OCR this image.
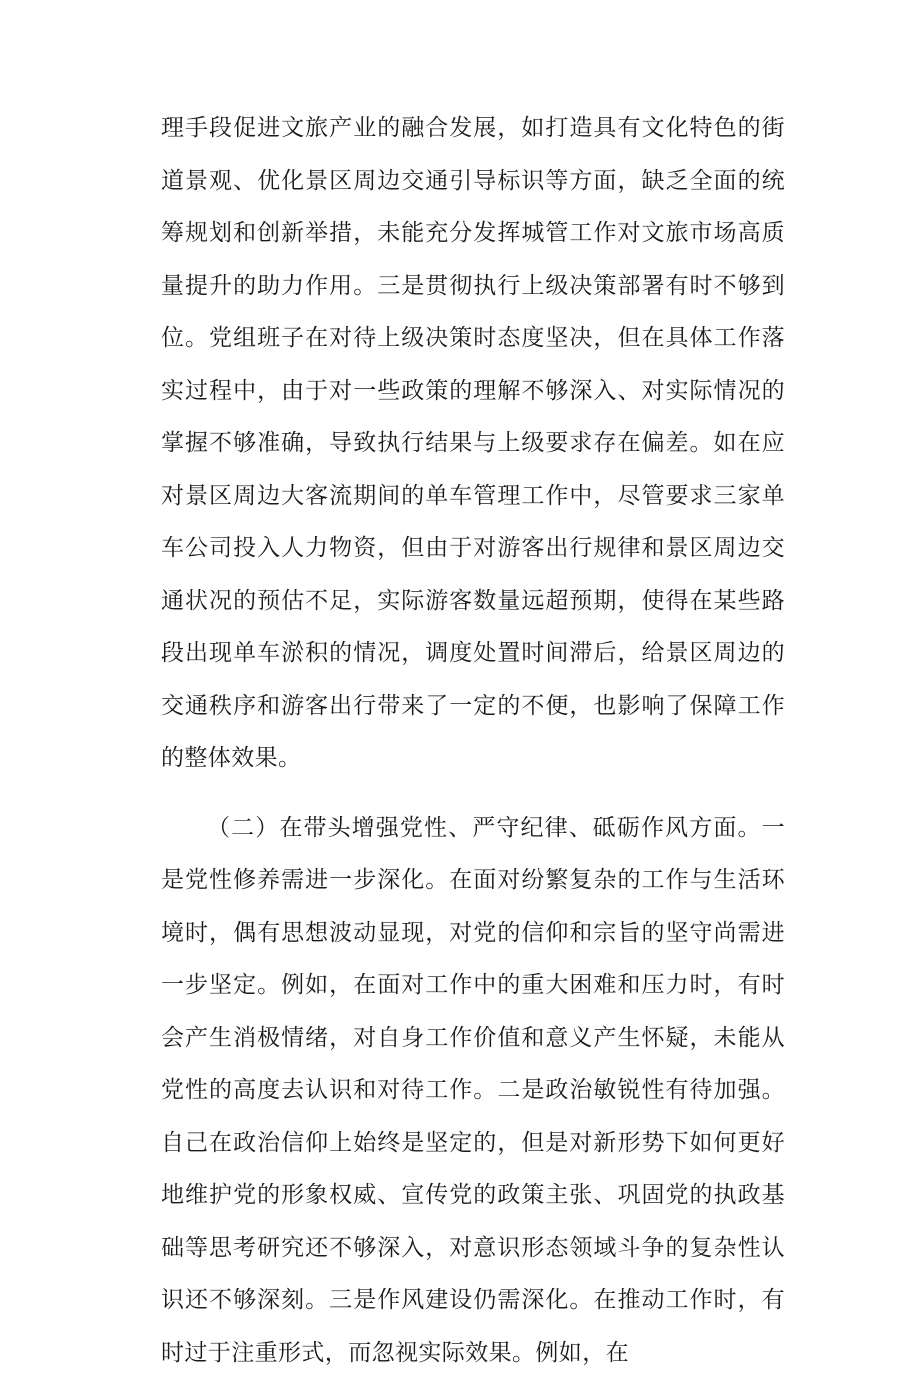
理手段促进文旅产业的融合发展，如打造具有文化特色的街道景观、优化景区周边交通引导标识等方面，缺乏全面的统筹规划和创新举措，未能充分发挥城管工作对文旅市场高质量提升的助力作用。三是贯彻执行上级决策部署有时不够到位。党组班子在对待上级决策时态度坚决，但在具体工作落实过程中，由于对一些政策的理解不够深入、对实际情况的掌握不够准确，导致执行结果与上级要求存在偏差。如在应对景区周边大客流期间的单车管理工作中，尽管要求三家单车公司投入人力物资，但由于对游客出行规律和景区周边交通状况的预估不足，实际游客数量远超预期，使得在某些路段出现单车淤积的情况，调度处置时间滞后，给景区周边的交通秩序和游客出行带来了一定的不便，也影响了保障工作的整体效果。

（二）在带头增强党性、严守纪律、砥砺作风方面。一是党性修养需进一步深化。在面对纷繁复杂的工作与生活环境时，偶有思想波动显现，对党的信仰和宗旨的坚守尚需进一步坚定。例如，在面对工作中的重大困难和压力时，有时会产生消极情绪，对自身工作价值和意义产生怀疑，未能从党性的高度去认识和对待工作。二是政治敏锐性有待加强。自己在政治信仰上始终是坚定的，但是对新形势下如何更好地维护党的形象权威、宣传党的政策主张、巩固党的执政基础等思考研究还不够深入，对意识形态领域斗争的复杂性认识还不够深刻。三是作风建设仍需深化。在推动工作时，有时过于注重形式，而忽视实际效果。例如，在
